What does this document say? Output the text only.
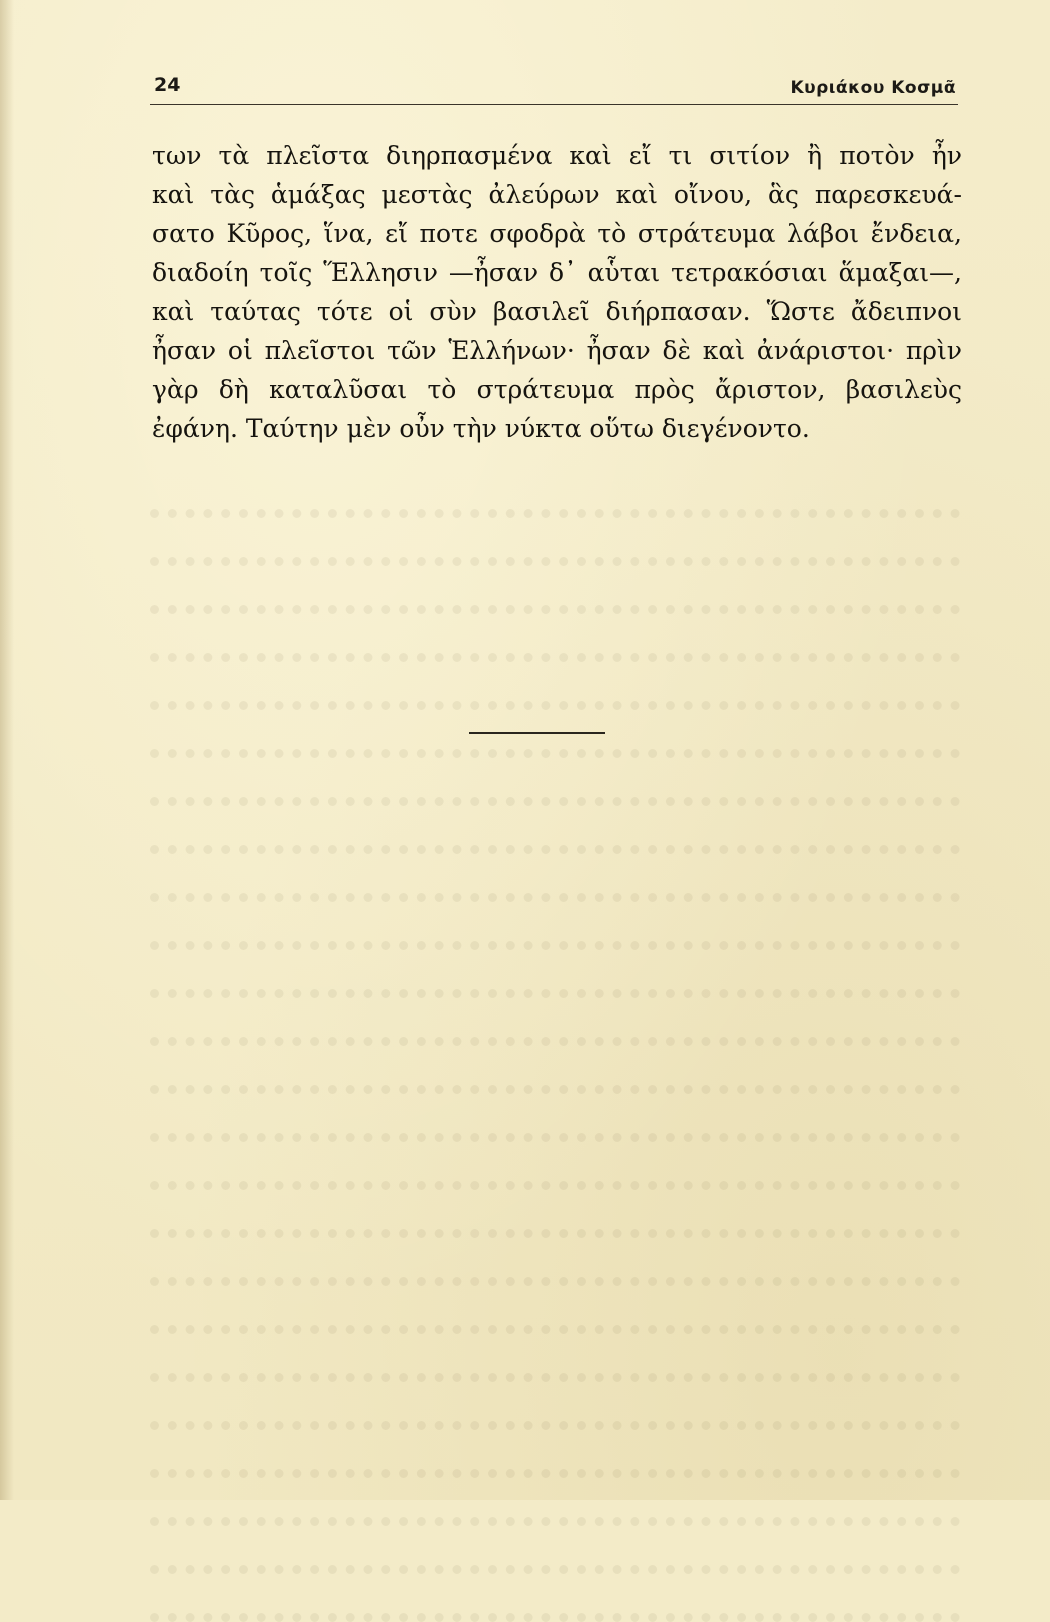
24	Κυριάκου Κοσμᾶ
των τὰ πλεῖστα διηρπασμένα καὶ εἴ τι σιτίον ἢ ποτὸν ἦν
καὶ τὰς ἁμάξας μεστὰς ἀλεύρων καὶ οἴνου, ἃς παρεσκευά-
σατο Κῦρος, ἵνα, εἴ ποτε σφοδρὰ τὸ στράτευμα λάβοι ἔνδεια,
διαδοίη τοῖς Ἕλλησιν —ἦσαν δ᾽ αὗται τετρακόσιαι ἅμαξαι—,
καὶ ταύτας τότε οἱ σὺν βασιλεῖ διήρπασαν. Ὥστε ἄδειπνοι
ἦσαν οἱ πλεῖστοι τῶν Ἑλλήνων· ἦσαν δὲ καὶ ἀνάριστοι· πρὶν
γὰρ δὴ καταλῦσαι τὸ στράτευμα πρὸς ἄριστον, βασιλεὺς
ἐφάνη. Ταύτην μὲν οὖν τὴν νύκτα οὕτω διεγένοντο.
